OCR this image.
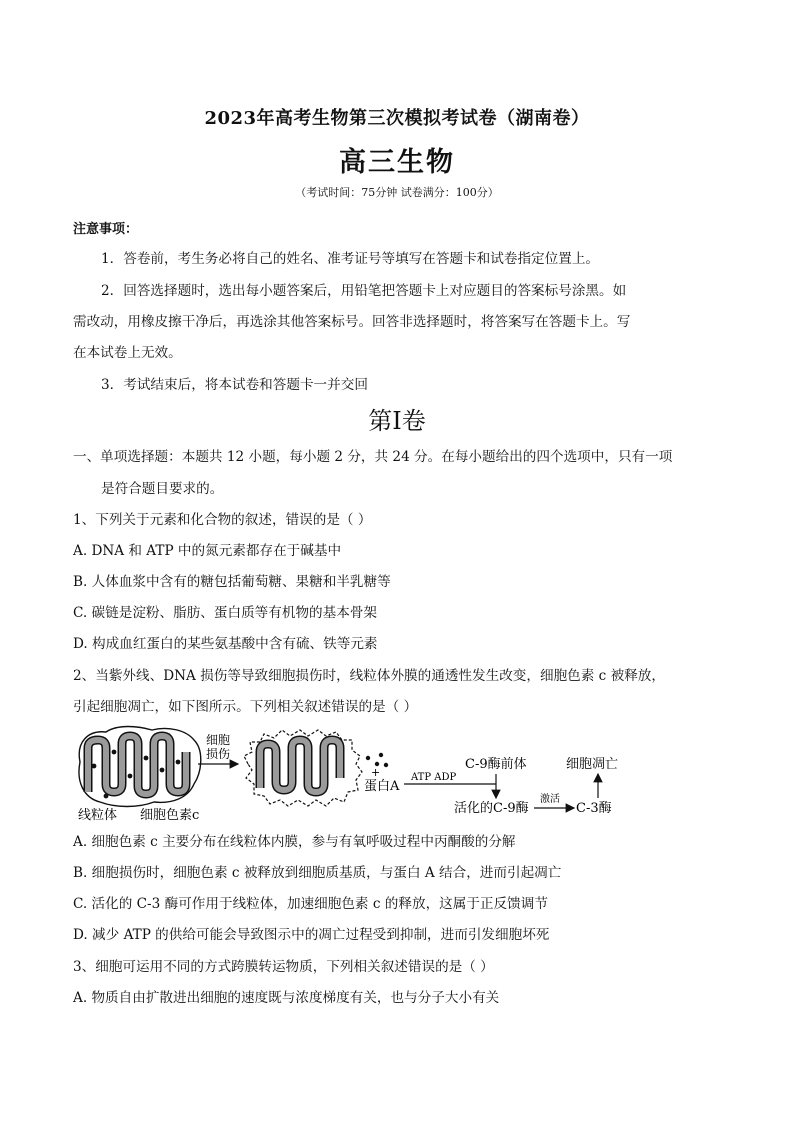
2023年高考生物第三次模拟考试卷（湖南卷）
高三生物
（考试时间：75分钟 试卷满分：100分）
注意事项：
1．答卷前，考生务必将自己的姓名、准考证号等填写在答题卡和试卷指定位置上。
2．回答选择题时，选出每小题答案后，用铅笔把答题卡上对应题目的答案标号涂黑。如
需改动，用橡皮擦干净后，再选涂其他答案标号。回答非选择题时，将答案写在答题卡上。写
在本试卷上无效。
3．考试结束后，将本试卷和答题卡一并交回
第Ⅰ卷
一、单项选择题：本题共 12 小题，每小题 2 分，共 24 分。在每小题给出的四个选项中，只有一项
是符合题目要求的。
1、下列关于元素和化合物的叙述，错误的是（ ）
A. DNA 和 ATP 中的氮元素都存在于碱基中
B. 人体血浆中含有的糖包括葡萄糖、果糖和半乳糖等
C. 碳链是淀粉、脂肪、蛋白质等有机物的基本骨架
D. 构成血红蛋白的某些氨基酸中含有硫、铁等元素
2、当紫外线、DNA 损伤等导致细胞损伤时，线粒体外膜的通透性发生改变，细胞色素 c 被释放，
引起细胞凋亡，如下图所示。下列相关叙述错误的是（ ）
线粒体 细胞色素c
细胞
损伤
+
蛋白A
ATP ADP
C-9酶前体
活化的C-9酶
激活
C-3酶
细胞凋亡
A. 细胞色素 c 主要分布在线粒体内膜，参与有氧呼吸过程中丙酮酸的分解
B. 细胞损伤时，细胞色素 c 被释放到细胞质基质，与蛋白 A 结合，进而引起凋亡
C. 活化的 C-3 酶可作用于线粒体，加速细胞色素 c 的释放，这属于正反馈调节
D. 减少 ATP 的供给可能会导致图示中的凋亡过程受到抑制，进而引发细胞坏死
3、细胞可运用不同的方式跨膜转运物质，下列相关叙述错误的是（ ）
A. 物质自由扩散进出细胞的速度既与浓度梯度有关，也与分子大小有关
